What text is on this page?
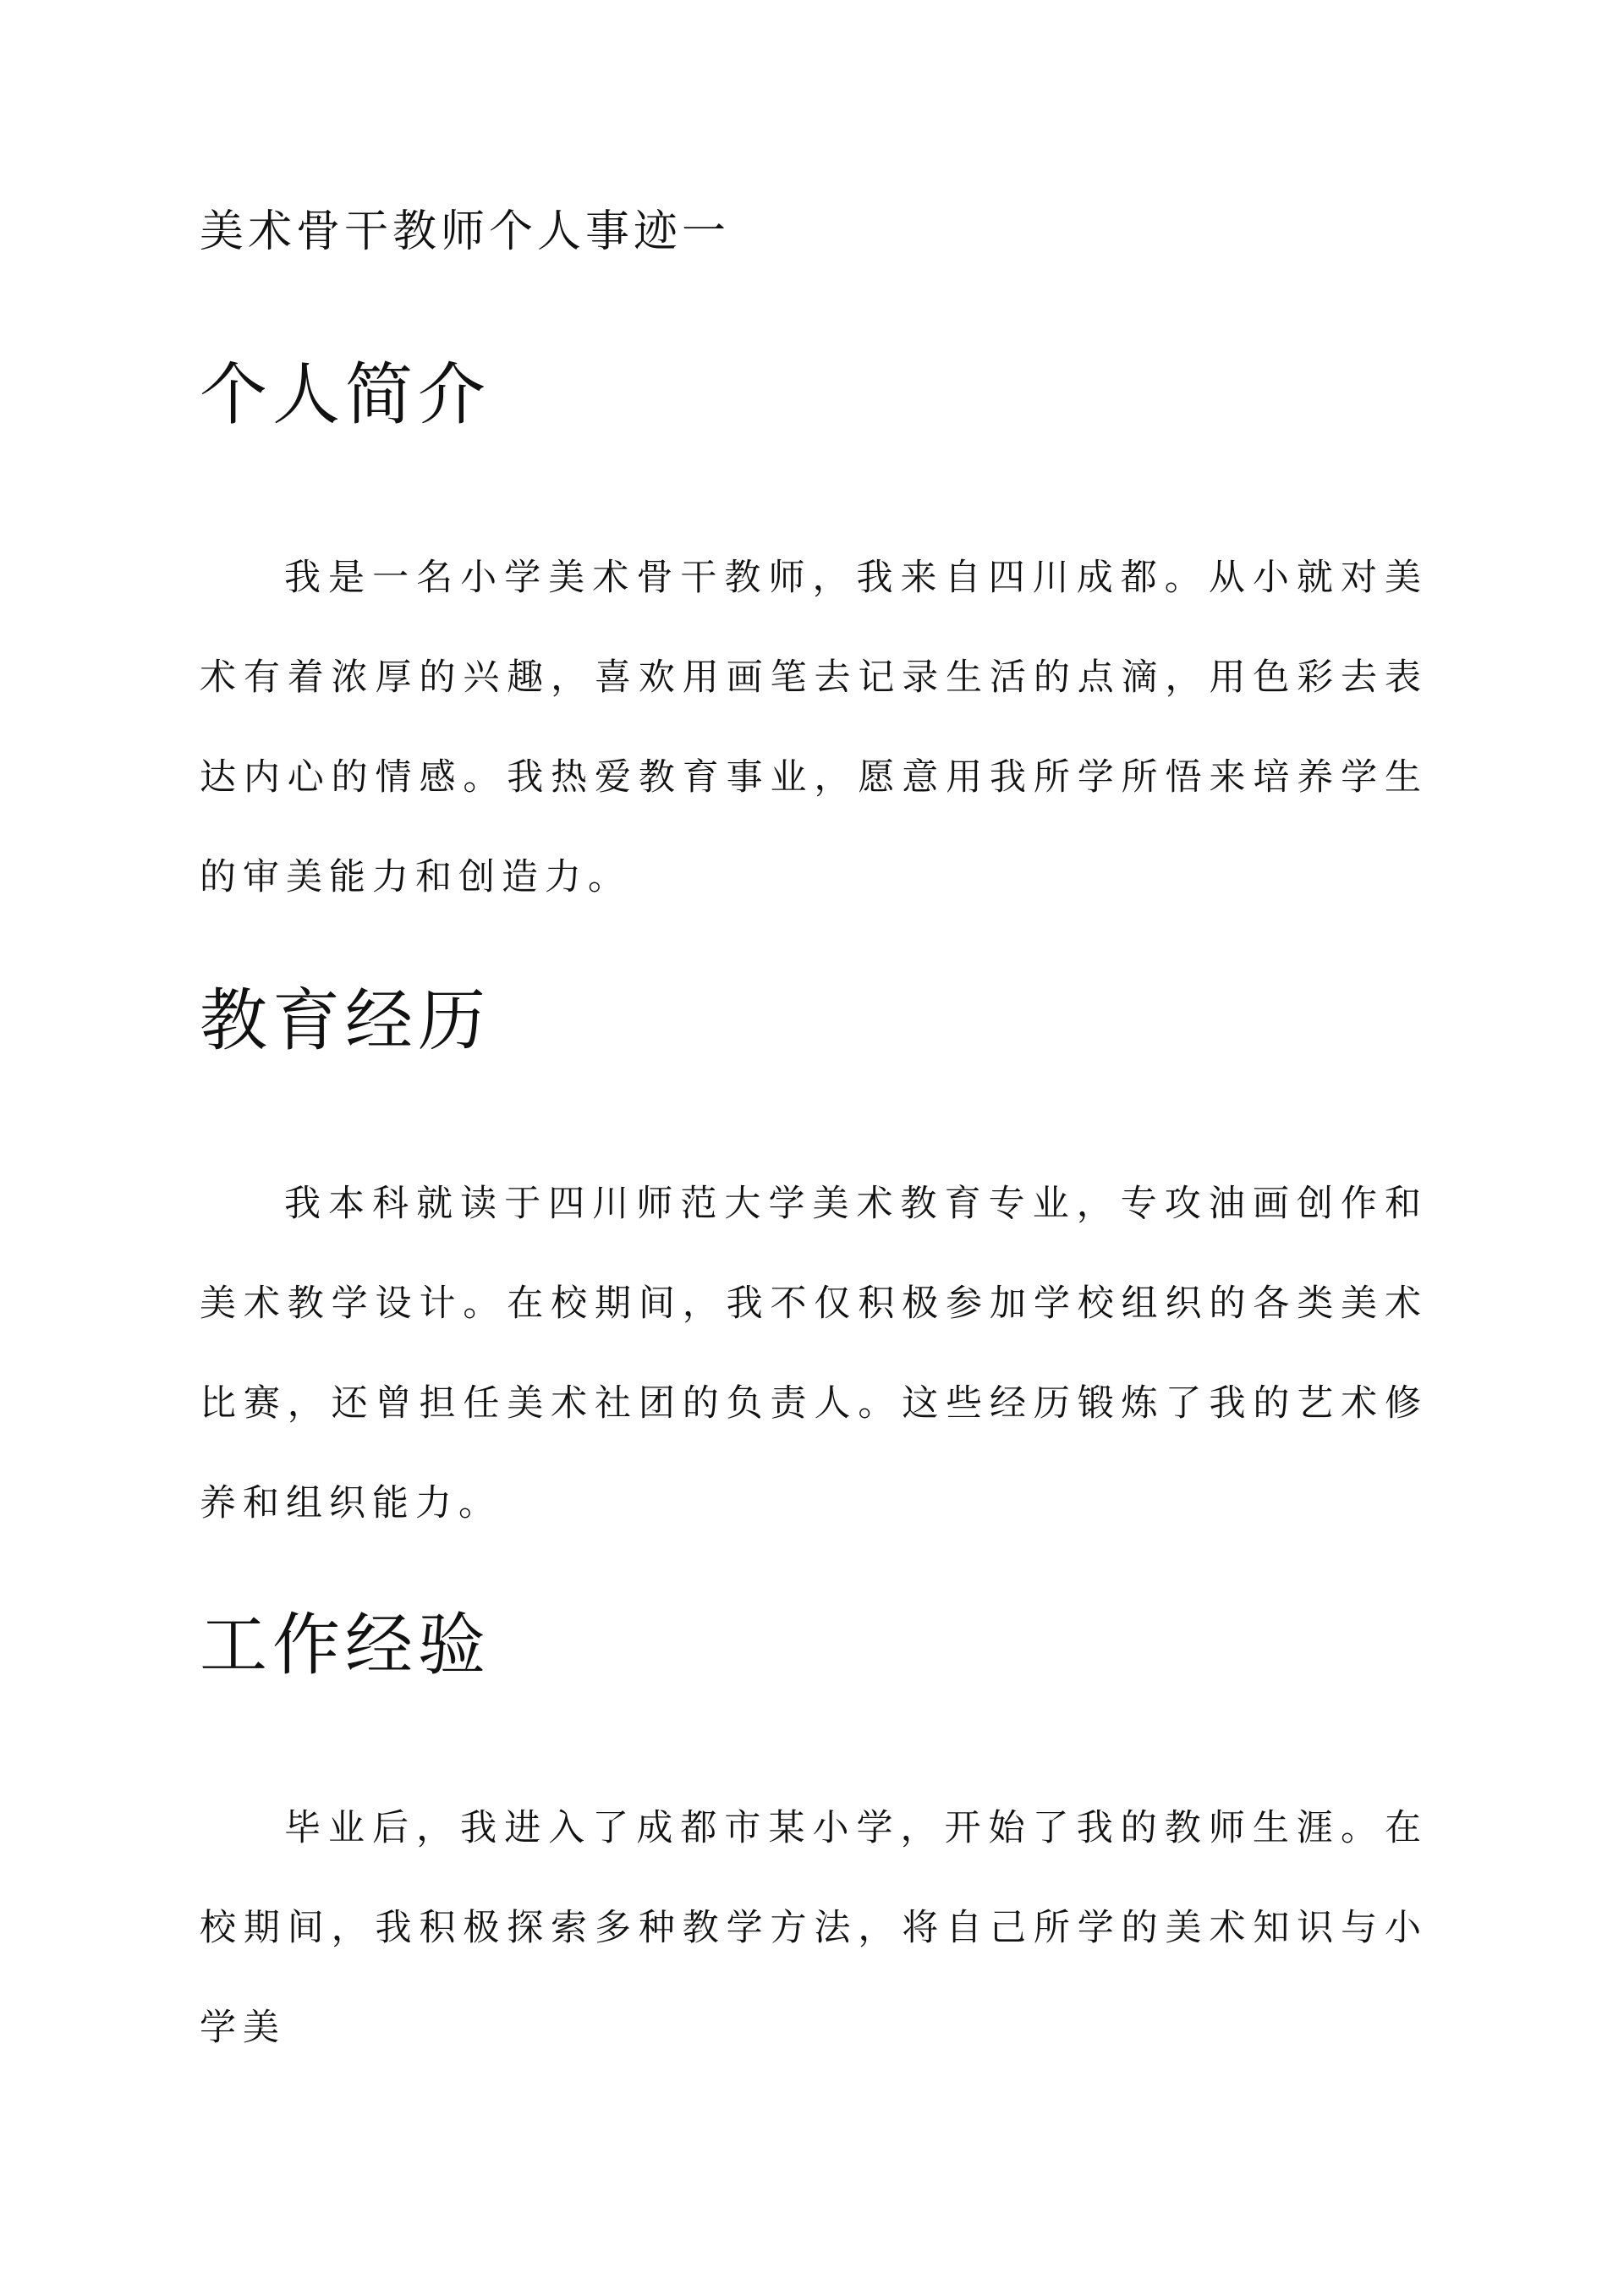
美术骨干教师个人事迹一
个人简介

我是一名小学美术骨干教师，我来自四川成都。从小就对美术有着浓厚的兴趣，喜欢用画笔去记录生活的点滴，用色彩去表达内心的情感。我热爱教育事业，愿意用我所学所悟来培养学生的审美能力和创造力。

教育经历

我本科就读于四川师范大学美术教育专业，专攻油画创作和美术教学设计。在校期间，我不仅积极参加学校组织的各类美术比赛，还曾担任美术社团的负责人。这些经历锻炼了我的艺术修养和组织能力。

工作经验

毕业后，我进入了成都市某小学，开始了我的教师生涯。在校期间，我积极探索多种教学方法，将自己所学的美术知识与小学美
